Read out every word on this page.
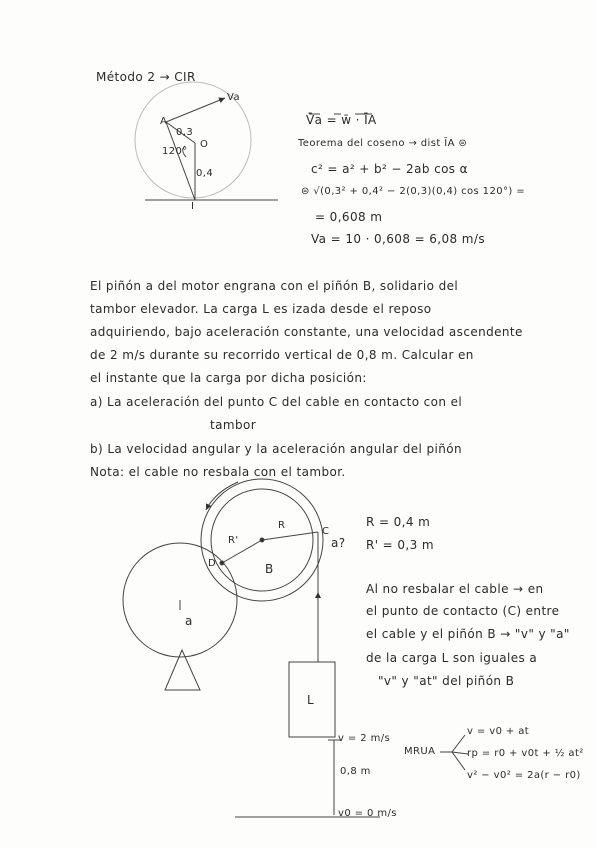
Método 2 → CIR
Va
A
O
I
0,3
0,4
120°
V̄a = w̄ · ĪA
Teorema del coseno → dist ĪA ⊜
c² = a² + b² − 2ab cos α
⊜ √(0,3² + 0,4² − 2(0,3)(0,4) cos 120°) =
= 0,608 m
Va = 10 · 0,608 = 6,08 m/s
El piñón a del motor engrana con el piñón B, solidario del
tambor elevador. La carga L es izada desde el reposo
adquiriendo, bajo aceleración constante, una velocidad ascendente
de 2 m/s durante su recorrido vertical de 0,8 m. Calcular en
el instante que la carga por dicha posición:
a) La aceleración del punto C del cable en contacto con el
tambor
b) La velocidad angular y la aceleración angular del piñón
Nota: el cable no resbala con el tambor.
R
R'
D	B
a
C
a?
L
v = 2 m/s
0,8 m
v0 = 0 m/s
R = 0,4 m
R' = 0,3 m
Al no resbalar el cable → en
el punto de contacto (C) entre
el cable y el piñón B → "v" y "a"
de la carga L son iguales a
"v" y "at" del piñón B
MRUA
v = v0 + at
rp = r0 + v0t + ½ at²
v² − v0² = 2a(r − r0)
